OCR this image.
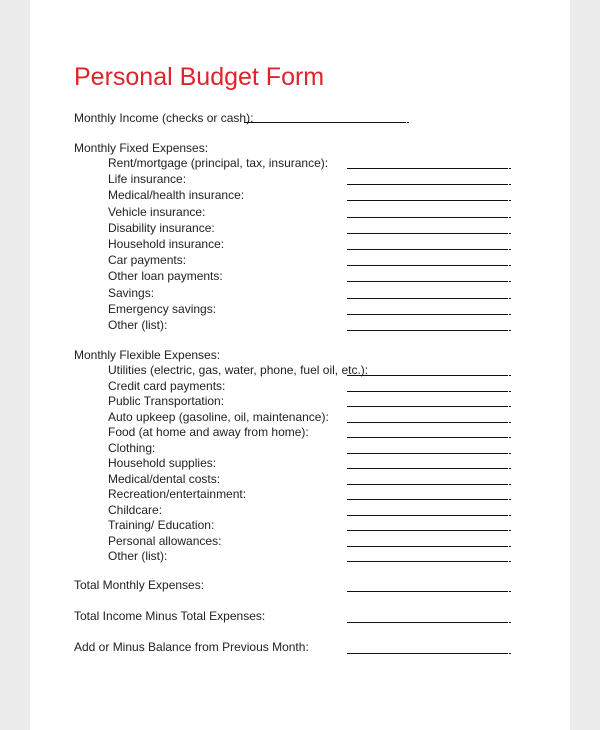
Personal Budget Form
Monthly Income (checks or cash):
Monthly Fixed Expenses:
Rent/mortgage (principal, tax, insurance):
Life insurance:
Medical/health insurance:
Vehicle insurance:
Disability insurance:
Household insurance:
Car payments:
Other loan payments:
Savings:
Emergency savings:
Other (list):
Monthly Flexible Expenses:
Utilities (electric, gas, water, phone, fuel oil, etc.):
Credit card payments:
Public Transportation:
Auto upkeep (gasoline, oil, maintenance):
Food (at home and away from home):
Clothing:
Household supplies:
Medical/dental costs:
Recreation/entertainment:
Childcare:
Training/ Education:
Personal allowances:
Other (list):
Total Monthly Expenses:
Total Income Minus Total Expenses:
Add or Minus Balance from Previous Month:
